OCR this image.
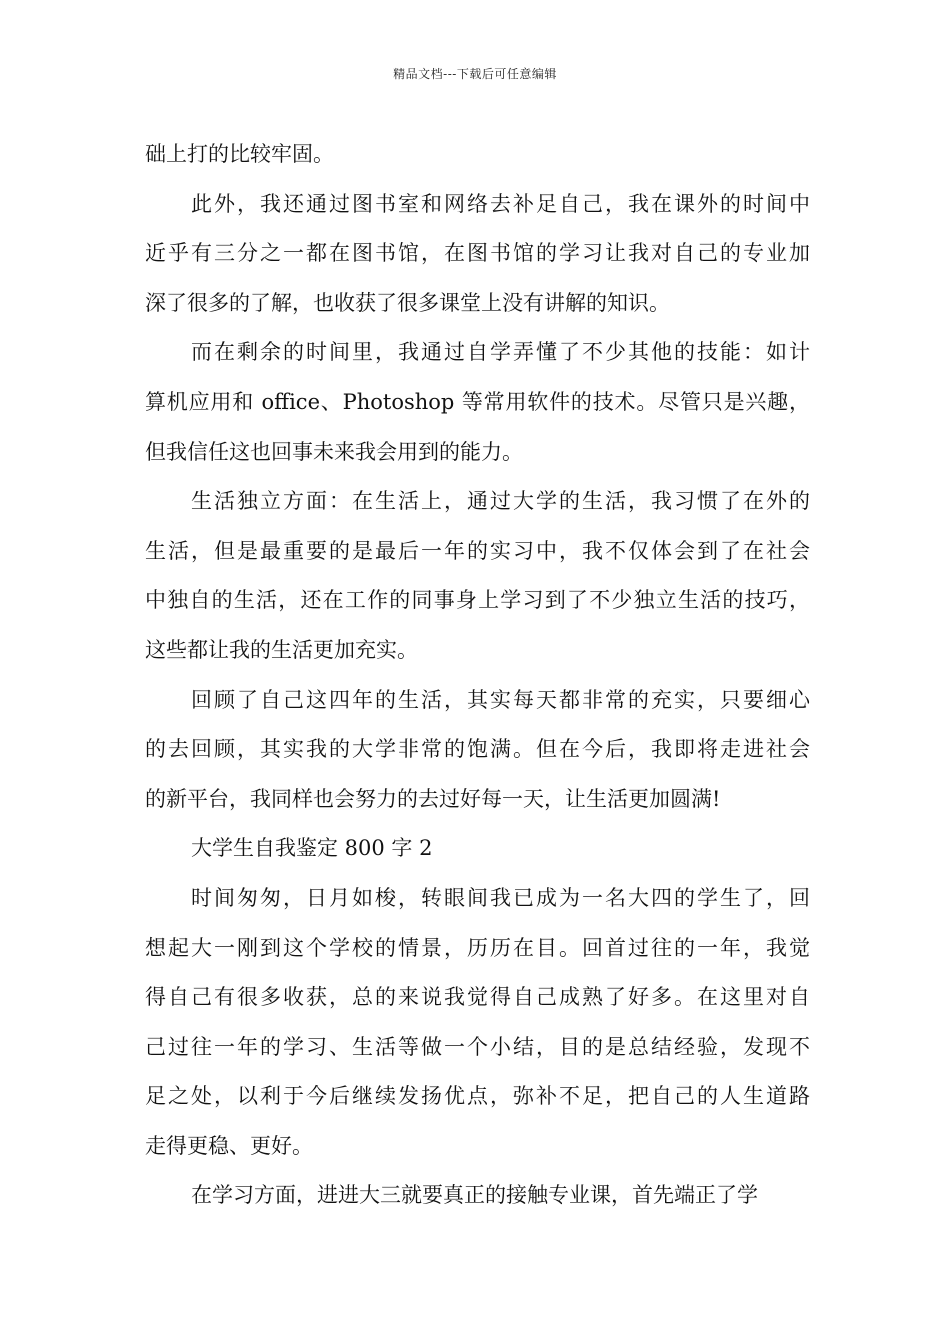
精品文档---下载后可任意编辑
础上打的比较牢固。
此外，我还通过图书室和网络去补足自己，我在课外的时间中
近乎有三分之一都在图书馆，在图书馆的学习让我对自己的专业加
深了很多的了解，也收获了很多课堂上没有讲解的知识。
而在剩余的时间里，我通过自学弄懂了不少其他的技能：如计
算机应用和 office、Photoshop 等常用软件的技术。尽管只是兴趣，
但我信任这也回事未来我会用到的能力。
生活独立方面：在生活上，通过大学的生活，我习惯了在外的
生活，但是最重要的是最后一年的实习中，我不仅体会到了在社会
中独自的生活，还在工作的同事身上学习到了不少独立生活的技巧，
这些都让我的生活更加充实。
回顾了自己这四年的生活，其实每天都非常的充实，只要细心
的去回顾，其实我的大学非常的饱满。但在今后，我即将走进社会
的新平台，我同样也会努力的去过好每一天，让生活更加圆满!
大学生自我鉴定 800 字 2
时间匆匆，日月如梭，转眼间我已成为一名大四的学生了，回
想起大一刚到这个学校的情景，历历在目。回首过往的一年，我觉
得自己有很多收获，总的来说我觉得自己成熟了好多。在这里对自
己过往一年的学习、生活等做一个小结，目的是总结经验，发现不
足之处，以利于今后继续发扬优点，弥补不足，把自己的人生道路
走得更稳、更好。
在学习方面，进进大三就要真正的接触专业课，首先端正了学
